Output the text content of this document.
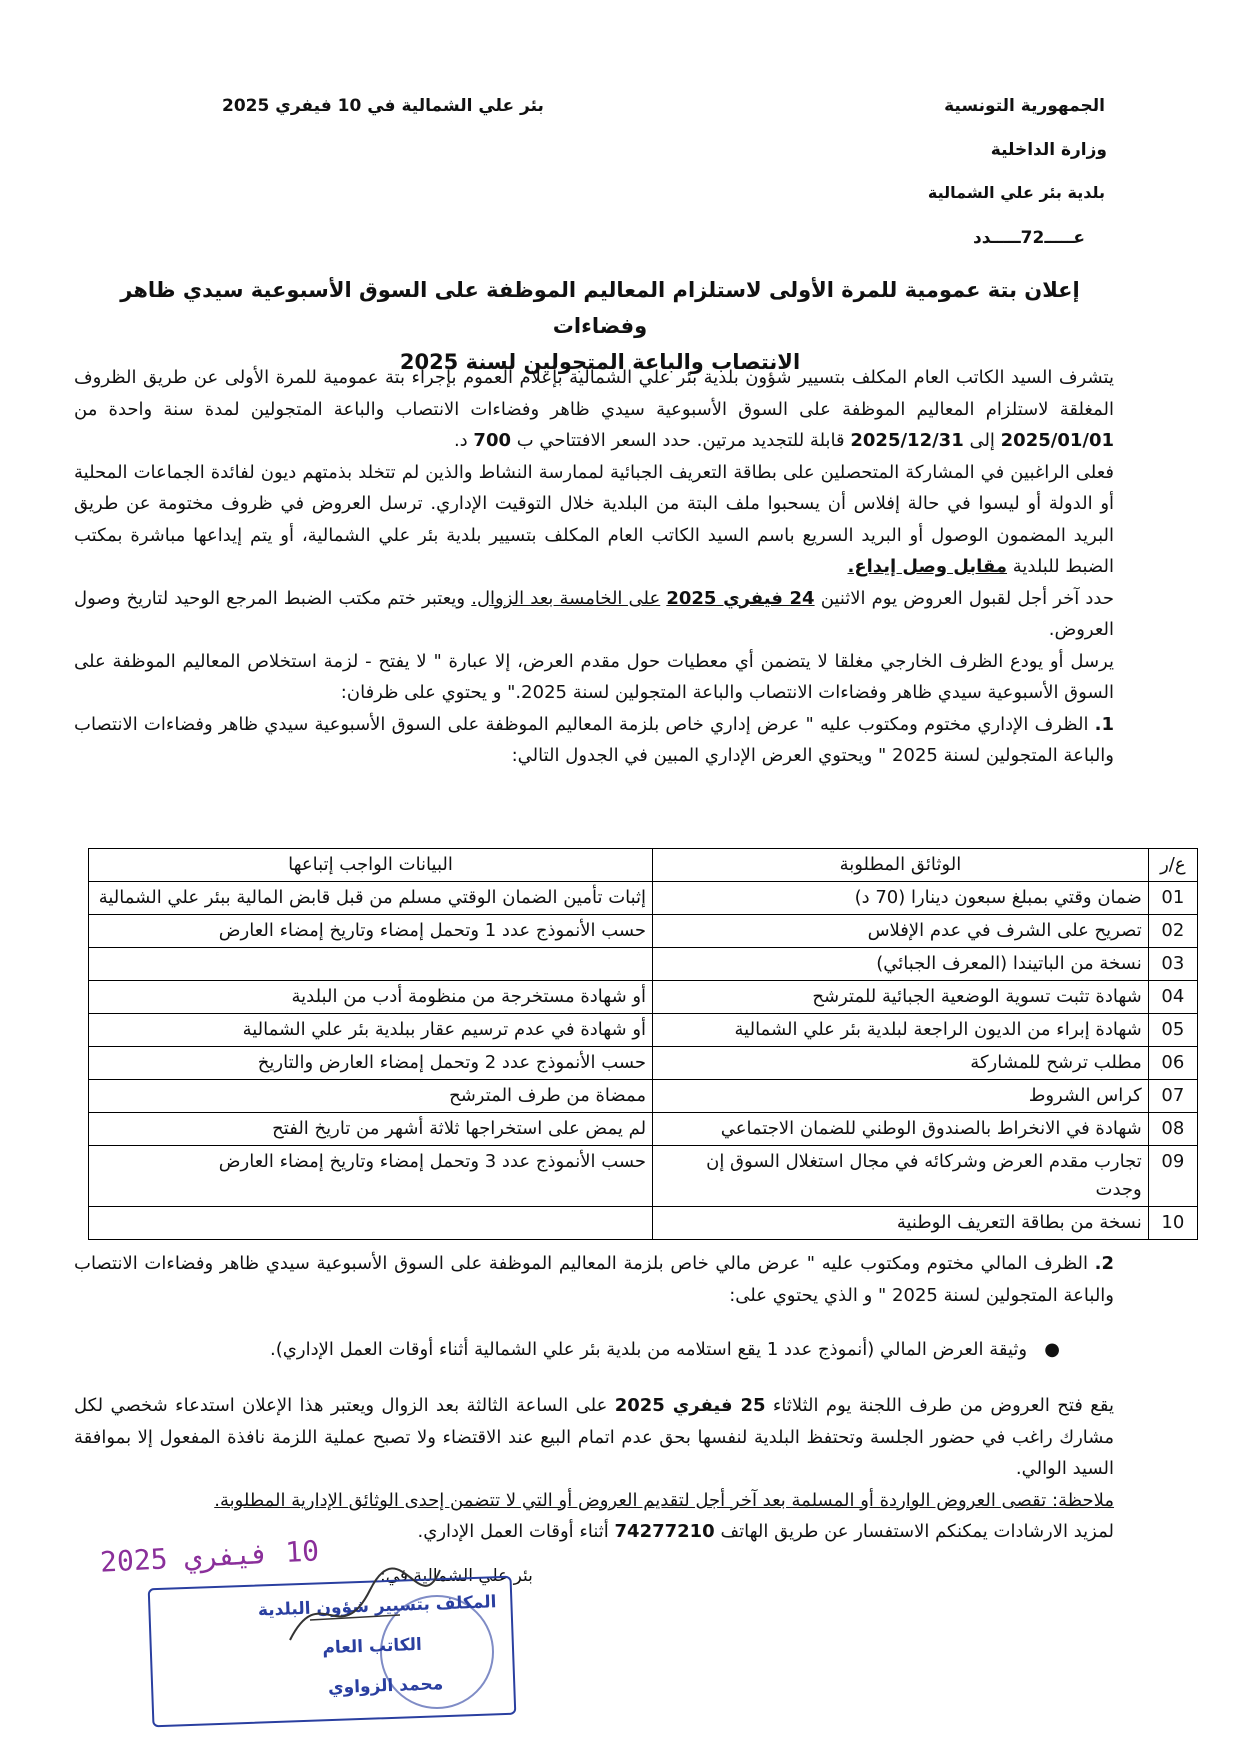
الجمهورية التونسية
وزارة الداخلية
بلدية بئر علي الشمالية
عـــــ72ـــــدد
بئر علي الشمالية في 10 فيفري 2025
إعلان بتة عمومية للمرة الأولى لاستلزام المعاليم الموظفة على السوق الأسبوعية سيدي ظاهر وفضاءات
الانتصاب والباعة المتجولين لسنة 2025

يتشرف السيد الكاتب العام المكلف بتسيير شؤون بلدية بئر علي الشمالية بإعلام العموم بإجراء بتة عمومية للمرة الأولى عن طريق الظروف المغلقة لاستلزام المعاليم الموظفة على السوق الأسبوعية سيدي ظاهر وفضاءات الانتصاب والباعة المتجولين لمدة سنة واحدة من 2025/01/01 إلى 2025/12/31 قابلة للتجديد مرتين. حدد السعر الافتتاحي ب 700 د.

فعلى الراغبين في المشاركة المتحصلين على بطاقة التعريف الجبائية لممارسة النشاط والذين لم تتخلد بذمتهم ديون لفائدة الجماعات المحلية أو الدولة أو ليسوا في حالة إفلاس أن يسحبوا ملف البتة من البلدية خلال التوقيت الإداري. ترسل العروض في ظروف مختومة عن طريق البريد المضمون الوصول أو البريد السريع باسم السيد الكاتب العام المكلف بتسيير بلدية بئر علي الشمالية، أو يتم إيداعها مباشرة بمكتب الضبط للبلدية مقابل وصل إيداع.

حدد آخر أجل لقبول العروض يوم الاثنين 24 فيفري 2025 على الخامسة بعد الزوال. ويعتبر ختم مكتب الضبط المرجع الوحيد لتاريخ وصول العروض.

يرسل أو يودع الظرف الخارجي مغلقا لا يتضمن أي معطيات حول مقدم العرض، إلا عبارة " لا يفتح - لزمة استخلاص المعاليم الموظفة على السوق الأسبوعية سيدي ظاهر وفضاءات الانتصاب والباعة المتجولين لسنة 2025." و يحتوي على ظرفان:

1. الظرف الإداري مختوم ومكتوب عليه " عرض إداري خاص بلزمة المعاليم الموظفة على السوق الأسبوعية سيدي ظاهر وفضاءات الانتصاب والباعة المتجولين لسنة 2025 " ويحتوي العرض الإداري المبين في الجدول التالي:

ع/ر	الوثائق المطلوبة	البيانات الواجب إتباعها
01	ضمان وقتي بمبلغ سبعون دينارا (70 د)	إثبات تأمين الضمان الوقتي مسلم من قبل قابض المالية ببئر علي الشمالية
02	تصريح على الشرف في عدم الإفلاس	حسب الأنموذج عدد 1 وتحمل إمضاء وتاريخ إمضاء العارض
03	نسخة من الباتيندا (المعرف الجبائي)	
04	شهادة تثبت تسوية الوضعية الجبائية للمترشح	أو شهادة مستخرجة من منظومة أدب من البلدية
05	شهادة إبراء من الديون الراجعة لبلدية بئر علي الشمالية	أو شهادة في عدم ترسيم عقار ببلدية بئر علي الشمالية
06	مطلب ترشح للمشاركة	حسب الأنموذج عدد 2 وتحمل إمضاء العارض والتاريخ
07	كراس الشروط	ممضاة من طرف المترشح
08	شهادة في الانخراط بالصندوق الوطني للضمان الاجتماعي	لم يمض على استخراجها ثلاثة أشهر من تاريخ الفتح
09	تجارب مقدم العرض وشركائه في مجال استغلال السوق إن وجدت	حسب الأنموذج عدد 3 وتحمل إمضاء وتاريخ إمضاء العارض
10	نسخة من بطاقة التعريف الوطنية	

2. الظرف المالي مختوم ومكتوب عليه " عرض مالي خاص بلزمة المعاليم الموظفة على السوق الأسبوعية سيدي ظاهر وفضاءات الانتصاب والباعة المتجولين لسنة 2025 " و الذي يحتوي على:

●   وثيقة العرض المالي (أنموذج عدد 1 يقع استلامه من بلدية بئر علي الشمالية أثناء أوقات العمل الإداري).

يقع فتح العروض من طرف اللجنة يوم الثلاثاء 25 فيفري 2025 على الساعة الثالثة بعد الزوال ويعتبر هذا الإعلان استدعاء شخصي لكل مشارك راغب في حضور الجلسة وتحتفظ البلدية لنفسها بحق عدم اتمام البيع عند الاقتضاء ولا تصبح عملية اللزمة نافذة المفعول إلا بموافقة السيد الوالي.

ملاحظة: تقصى العروض الواردة أو المسلمة بعد آخر أجل لتقديم العروض أو التي لا تتضمن إحدى الوثائق الإدارية المطلوبة.

لمزيد الارشادات يمكنكم الاستفسار عن طريق الهاتف 74277210 أثناء أوقات العمل الإداري.

بئر علي الشمالية في:
10 فيفري 2025
المكلف بتسيير شؤون البلدية
الكاتب العام
محمد الزواوي
